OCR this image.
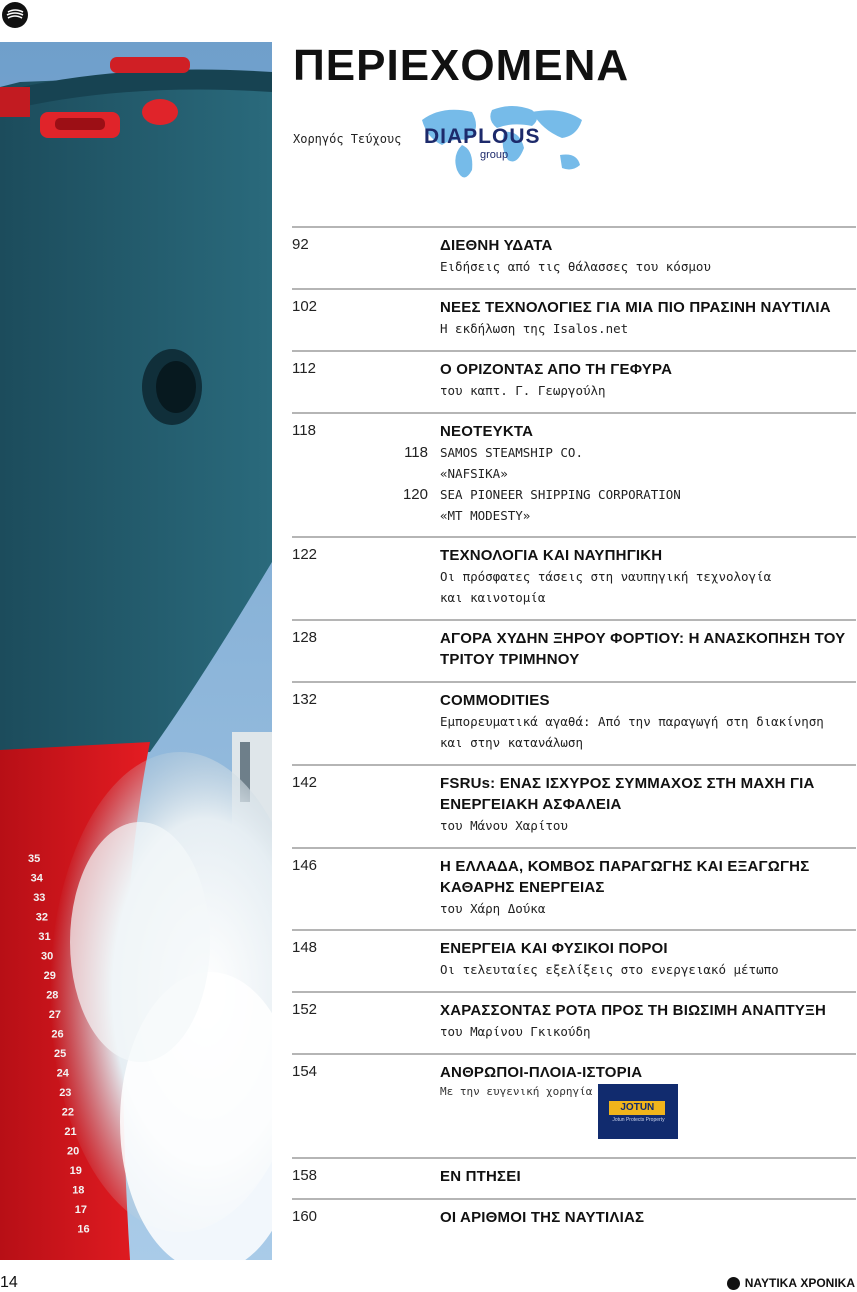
35
34
33
32
31
30
29
28
27
26
25
24
23
22
21
20
19
18
17
16
ΠΕΡΙΕΧΟΜΕΝΑ
Χορηγός Τεύχους DIAPLOUS
group
92	ΔΙΕΘΝΗ ΥΔΑΤΑ
Ειδήσεις από τις θάλασσες του κόσμου
102	ΝΕΕΣ ΤΕΧΝΟΛΟΓΙΕΣ ΓΙΑ ΜΙΑ ΠΙΟ ΠΡΑΣΙΝΗ ΝΑΥΤΙΛΙΑ
Η εκδήλωση της Isalos.net
112	Ο ΟΡΙΖΟΝΤΑΣ ΑΠΟ ΤΗ ΓΕΦΥΡΑ
του καπτ. Γ. Γεωργούλη
118	ΝΕΟΤΕΥΚΤΑ
118 SAMOS STEAMSHIP CO.
«NAFSIKA»
120 SEA PIONEER SHIPPING CORPORATION
«MT MODESTY»
122	ΤΕΧΝΟΛΟΓΙΑ ΚΑΙ ΝΑΥΠΗΓΙΚΗ
Οι πρόσφατες τάσεις στη ναυπηγική τεχνολογία
και καινοτομία
128	ΑΓΟΡΑ ΧΥΔΗΝ ΞΗΡΟΥ ΦΟΡΤΙΟΥ: Η ΑΝΑΣΚΟΠΗΣΗ ΤΟΥ ΤΡΙΤΟΥ ΤΡΙΜΗΝΟΥ
132	COMMODITIES
Εμπορευματικά αγαθά: Από την παραγωγή στη διακίνηση
και στην κατανάλωση
142	FSRUs: ΕΝΑΣ ΙΣΧΥΡΟΣ ΣΥΜΜΑΧΟΣ ΣΤΗ ΜΑΧΗ ΓΙΑ ΕΝΕΡΓΕΙΑΚΗ ΑΣΦΑΛΕΙΑ
του Μάνου Χαρίτου
146	Η ΕΛΛΑΔΑ, ΚΟΜΒΟΣ ΠΑΡΑΓΩΓΗΣ ΚΑΙ ΕΞΑΓΩΓΗΣ ΚΑΘΑΡΗΣ ΕΝΕΡΓΕΙΑΣ
του Χάρη Δούκα
148	ΕΝΕΡΓΕΙΑ ΚΑΙ ΦΥΣΙΚΟΙ ΠΟΡΟΙ
Οι τελευταίες εξελίξεις στο ενεργειακό μέτωπο
152	ΧΑΡΑΣΣΟΝΤΑΣ ΡΟΤΑ ΠΡΟΣ ΤΗ ΒΙΩΣΙΜΗ ΑΝΑΠΤΥΞΗ
του Μαρίνου Γκικούδη
154	ΑΝΘΡΩΠΟΙ-ΠΛΟΙΑ-ΙΣΤΟΡΙΑ
Με την ευγενική χορηγία
JOTUN
Jotun Protects Property
158	ΕΝ ΠΤΗΣΕΙ
160	ΟΙ ΑΡΙΘΜΟΙ ΤΗΣ ΝΑΥΤΙΛΙΑΣ
14	ΝΑΥΤΙΚΑ ΧΡΟΝΙΚΑ
